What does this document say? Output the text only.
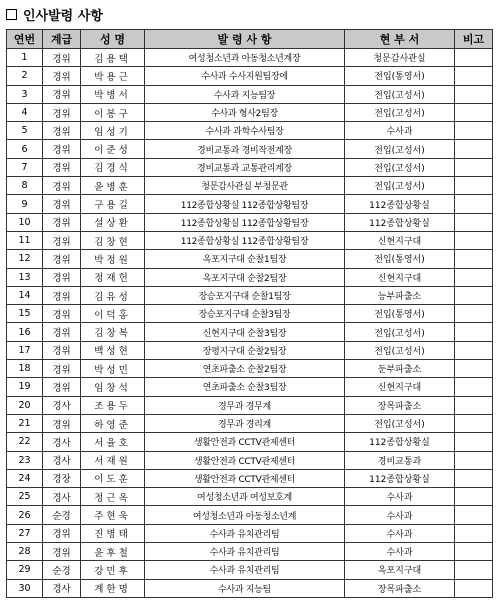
인사발령 사항
연번	계급	성 명	발 령 사 항	현 부 서	비고
1	경위	김용택	여성청소년과 아동청소년계장	청문감사관실	
2	경위	박용근	수사과 수사지원팀장에	전입(통영서)	
3	경위	박병서	수사과 지능팀장	전입(고성서)	
4	경위	이봉구	수사과 형사2팀장	전입(고성서)	
5	경위	임성기	수사과 과학수사팀장	수사과	
6	경위	이준성	경비교통과 경비작전계장	전입(고성서)	
7	경위	김경식	경비교통과 교통관리계장	전입(고성서)	
8	경위	윤병훈	청문감사관실 부청문관	전입(고성서)	
9	경위	구용길	112종합상황실 112종합상황팀장	112종합상황실	
10	경위	설상환	112종합상황실 112종합상황팀장	112종합상황실	
11	경위	김창현	112종합상황실 112종합상황팀장	신현지구대	
12	경위	박정원	옥포지구대 순찰1팀장	전입(통영서)	
13	경위	정재헌	옥포지구대 순찰2팀장	신현지구대	
14	경위	김유성	장승포지구대 순찰1팀장	능부파출소	
15	경위	이덕홍	장승포지구대 순찰3팀장	전입(통영서)	
16	경위	김창복	신현지구대 순찰3팀장	전입(고성서)	
17	경위	백성현	장평지구대 순찰2팀장	전입(고성서)	
18	경위	박성민	연초파출소 순찰2팀장	둔부파출소	
19	경위	임창석	연초파출소 순찰3팀장	신현지구대	
20	경사	조용두	경무과 경무계	장목파출소	
21	경위	하영준	경무과 경리계	전입(고성서)	
22	경사	서율호	생활안전과 CCTV관제센터	112종합상황실	
23	경사	서재원	생활안전과 CCTV관제센터	경비교통과	
24	경장	이도훈	생활안전과 CCTV관제센터	112종합상황실	
25	경사	정근옥	여성청소년과 여성보호계	수사과	
26	순경	주현욱	여성청소년과 아동청소년계	수사과	
27	경위	진병태	수사과 유치관리팀	수사과	
28	경위	윤후철	수사과 유치관리팀	수사과	
29	순경	강민후	수사과 유치관리팀	옥포지구대	
30	경사	계한명	수사과 지능팀	장목파출소	
